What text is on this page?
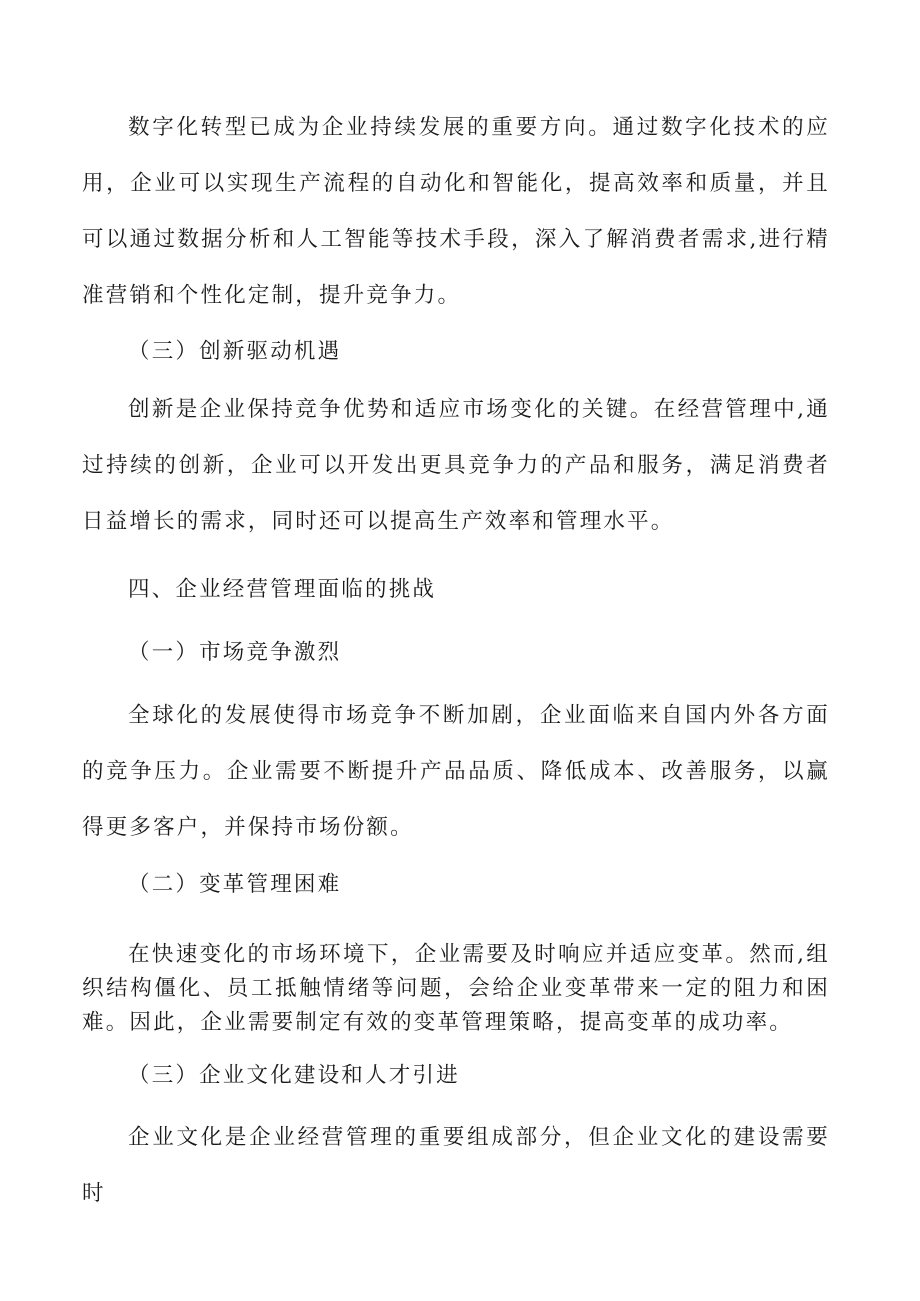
数字化转型已成为企业持续发展的重要方向。通过数字化技术的应用，企业可以实现生产流程的自动化和智能化，提高效率和质量，并且可以通过数据分析和人工智能等技术手段，深入了解消费者需求,进行精准营销和个性化定制，提升竞争力。

（三）创新驱动机遇

创新是企业保持竞争优势和适应市场变化的关键。在经营管理中,通过持续的创新，企业可以开发出更具竞争力的产品和服务，满足消费者日益增长的需求，同时还可以提高生产效率和管理水平。

四、企业经营管理面临的挑战

（一）市场竞争激烈

全球化的发展使得市场竞争不断加剧，企业面临来自国内外各方面的竞争压力。企业需要不断提升产品品质、降低成本、改善服务，以赢得更多客户，并保持市场份额。

（二）变革管理困难

在快速变化的市场环境下，企业需要及时响应并适应变革。然而,组织结构僵化、员工抵触情绪等问题，会给企业变革带来一定的阻力和困难。因此，企业需要制定有效的变革管理策略，提高变革的成功率。

（三）企业文化建设和人才引进

企业文化是企业经营管理的重要组成部分，但企业文化的建设需要时
